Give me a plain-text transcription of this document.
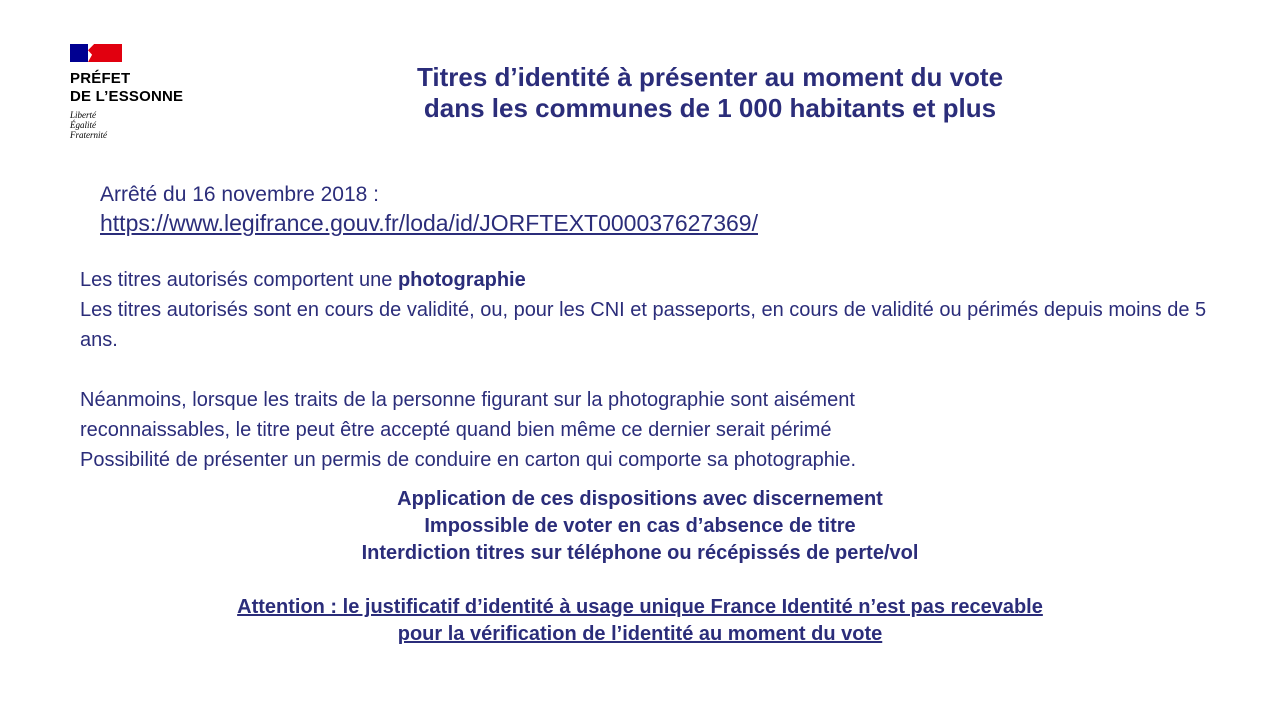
PRÉFET
DE L’ESSONNE
Liberté
Égalité
Fraternité
Titres d’identité à présenter au moment du vote
dans les communes de 1 000 habitants et plus
Arrêté du 16 novembre 2018 :
https://www.legifrance.gouv.fr/loda/id/JORFTEXT000037627369/

Les titres autorisés comportent une photographie

Les titres autorisés sont en cours de validité, ou, pour les CNI et passeports, en cours de validité ou périmés depuis moins de 5 ans.

Néanmoins, lorsque les traits de la personne figurant sur la photographie sont aisément

reconnaissables, le titre peut être accepté quand bien même ce dernier serait périmé

Possibilité de présenter un permis de conduire en carton qui comporte sa photographie.

Application de ces dispositions avec discernement

Impossible de voter en cas d’absence de titre

Interdiction titres sur téléphone ou récépissés de perte/vol

Attention : le justificatif d’identité à usage unique France Identité n’est pas recevable

pour la vérification de l’identité au moment du vote
